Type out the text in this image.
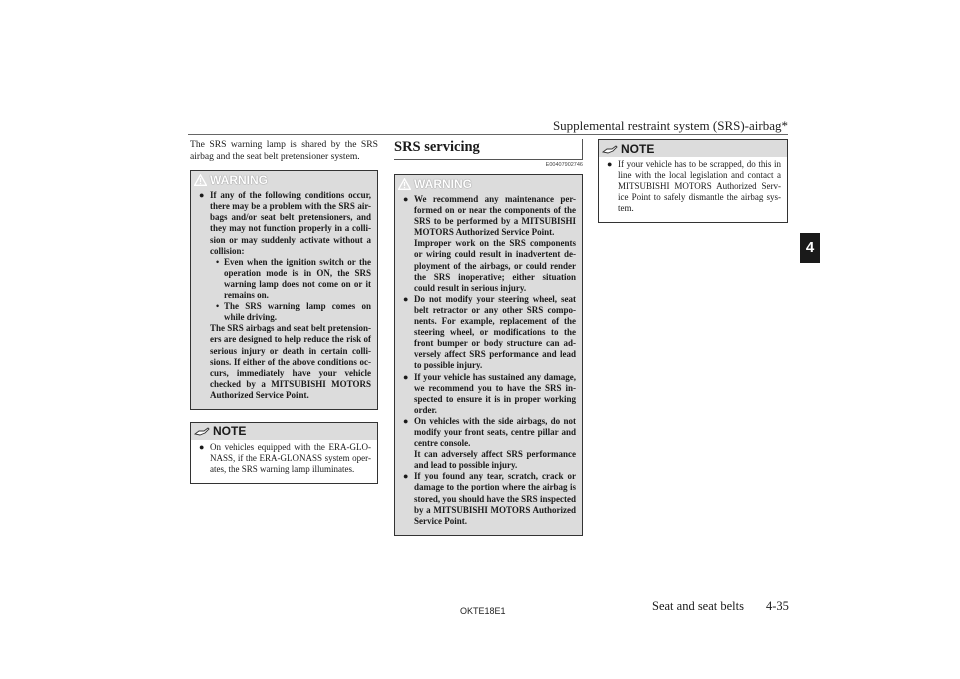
Supplemental restraint system (SRS)-airbag*
4

The SRS warning lamp is shared by the SRS airbag and the seat belt pretensioner system.

WARNING
● If any of the following conditions occur, there may be a problem with the SRS air-bags and/or seat belt pretensioners, and they may not function properly in a colli-sion or may suddenly activate without a collision:

• Even when the ignition switch or the operation mode is in ON, the SRS warning lamp does not come on or it remains on.
• The SRS warning lamp comes on while driving.

The SRS airbags and seat belt pretension-ers are designed to help reduce the risk of serious injury or death in certain colli-sions. If either of the above conditions oc-curs, immediately have your vehicle checked by a MITSUBISHI MOTORS Authorized Service Point.

NOTE
● On vehicles equipped with the ERA-GLO-NASS, if the ERA-GLONASS system oper-ates, the SRS warning lamp illuminates.
SRS servicing
E00407902746
WARNING
● We recommend any maintenance per-formed on or near the components of the SRS to be performed by a MITSUBISHI MOTORS Authorized Service Point.

Improper work on the SRS components or wiring could result in inadvertent de-ployment of the airbags, or could render the SRS inoperative; either situation could result in serious injury.

● Do not modify your steering wheel, seat belt retractor or any other SRS compo-nents. For example, replacement of the steering wheel, or modifications to the front bumper or body structure can ad-versely affect SRS performance and lead to possible injury.
● If your vehicle has sustained any damage, we recommend you to have the SRS in-spected to ensure it is in proper working order.
● On vehicles with the side airbags, do not modify your front seats, centre pillar and centre console.

It can adversely affect SRS performance and lead to possible injury.

● If you found any tear, scratch, crack or damage to the portion where the airbag is stored, you should have the SRS inspected by a MITSUBISHI MOTORS Authorized Service Point.
NOTE
● If your vehicle has to be scrapped, do this in line with the local legislation and contact a MITSUBISHI MOTORS Authorized Serv-ice Point to safely dismantle the airbag sys-tem.
OKTE18E1	Seat and seat belts 4-35
